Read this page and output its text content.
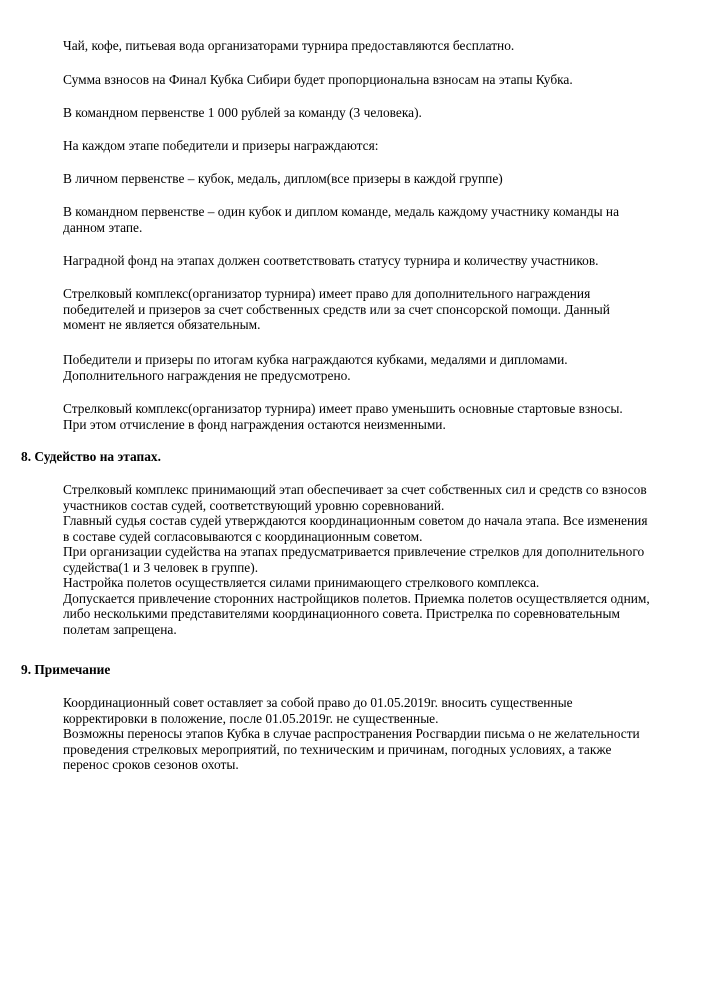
Чай, кофе, питьевая вода организаторами турнира предоставляются бесплатно.
Сумма взносов на Финал Кубка Сибири будет пропорциональна взносам на этапы Кубка.
В командном первенстве 1 000 рублей за команду (3 человека).
На каждом этапе победители и призеры награждаются:
В личном первенстве – кубок, медаль, диплом(все призеры в каждой группе)
В командном первенстве – один кубок и диплом команде, медаль каждому участнику команды на
данном этапе.
Наградной фонд на этапах должен соответствовать статусу турнира и количеству участников.
Стрелковый комплекс(организатор турнира) имеет право для дополнительного награждения
победителей и призеров за счет собственных средств или за счет спонсорской помощи. Данный
момент не является обязательным.
Победители и призеры по итогам кубка награждаются кубками, медалями и дипломами.
Дополнительного награждения не предусмотрено.
Стрелковый комплекс(организатор турнира) имеет право уменьшить основные стартовые взносы.
При этом отчисление в фонд награждения остаются неизменными.
8. Судейство на этапах.
Стрелковый комплекс принимающий этап обеспечивает за счет собственных сил и средств со взносов
участников состав судей, соответствующий уровню соревнований.
Главный судья состав судей утверждаются координационным советом до начала этапа. Все изменения
в составе судей согласовываются с координационным советом.
При организации судейства на этапах предусматривается привлечение стрелков для дополнительного
судейства(1 и 3 человек в группе).
Настройка полетов осуществляется силами принимающего стрелкового комплекса.
Допускается привлечение сторонних настройщиков полетов. Приемка полетов осуществляется одним,
либо несколькими представителями координационного совета. Пристрелка по соревновательным
полетам запрещена.
9. Примечание
Координационный совет оставляет за собой право до 01.05.2019г. вносить существенные
корректировки в положение, после 01.05.2019г. не существенные.
Возможны переносы этапов Кубка в случае распространения Росгвардии письма о не желательности
проведения стрелковых мероприятий, по техническим и причинам, погодных условиях, а также
перенос сроков сезонов охоты.
